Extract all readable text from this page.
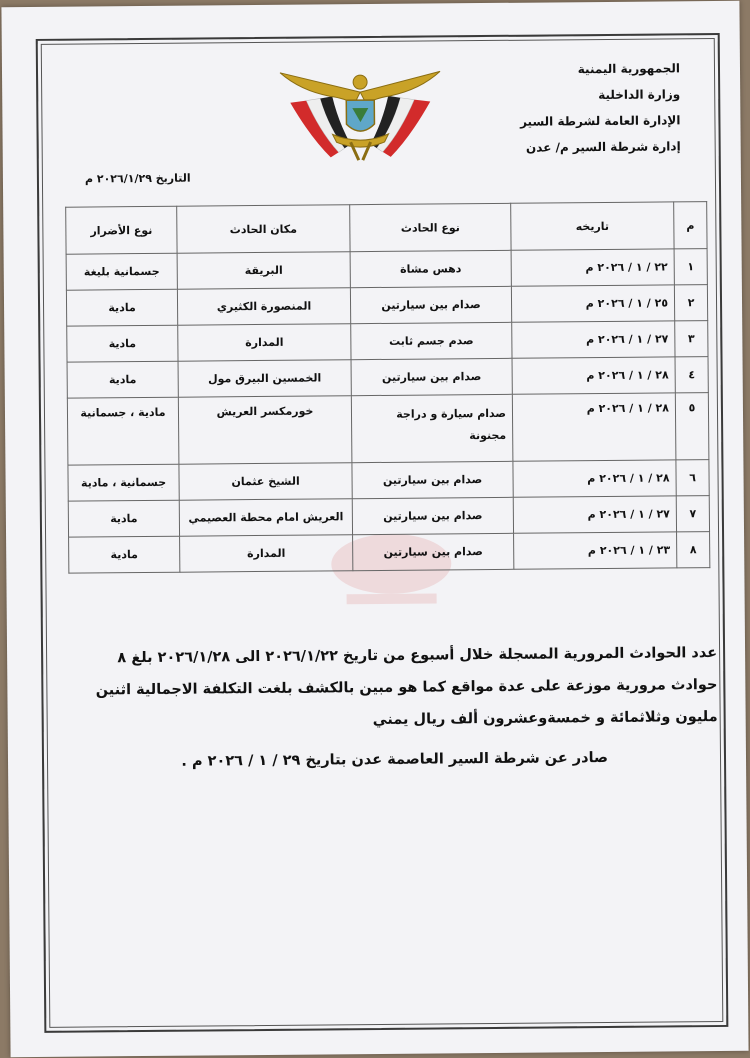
الجمهورية اليمنية
وزارة الداخلية
الإدارة العامة لشرطة السير
إدارة شرطة السير م/ عدن
التاريخ ٢٠٢٦/١/٢٩ م
م	تاريخه	نوع الحادث	مكان الحادث	نوع الأضرار
١	٢٢ / ١ / ٢٠٢٦ م	دهس مشاة	البريقة	جسمانية بليغة
٢	٢٥ / ١ / ٢٠٢٦ م	صدام بين سيارتين	المنصورة الكثيري	مادية
٣	٢٧ / ١ / ٢٠٢٦ م	صدم جسم ثابت	المدارة	مادية
٤	٢٨ / ١ / ٢٠٢٦ م	صدام بين سيارتين	الخمسين البيرق مول	مادية
٥	٢٨ / ١ / ٢٠٢٦ م	صدام سيارة و دراجة مجنونة	خورمكسر العريش	مادية ، جسمانية
٦	٢٨ / ١ / ٢٠٢٦ م	صدام بين سيارتين	الشيخ عثمان	جسمانية ، مادية
٧	٢٧ / ١ / ٢٠٢٦ م	صدام بين سيارتين	العريش امام محطة العصيمي	مادية
٨	٢٣ / ١ / ٢٠٢٦ م	صدام بين سيارتين	المدارة	مادية
عدد الحوادث المرورية المسجلة خلال أسبوع من تاريخ ٢٠٢٦/١/٢٢ الى ٢٠٢٦/١/٢٨ بلغ ٨ حوادث مرورية موزعة على عدة مواقع كما هو مبين بالكشف بلغت التكلفة الاجمالية اثنين مليون وثلاثمائة و خمسةوعشرون ألف ريال يمني
صادر عن شرطة السير العاصمة عدن بتاريخ ٢٩ / ١ / ٢٠٢٦ م .
